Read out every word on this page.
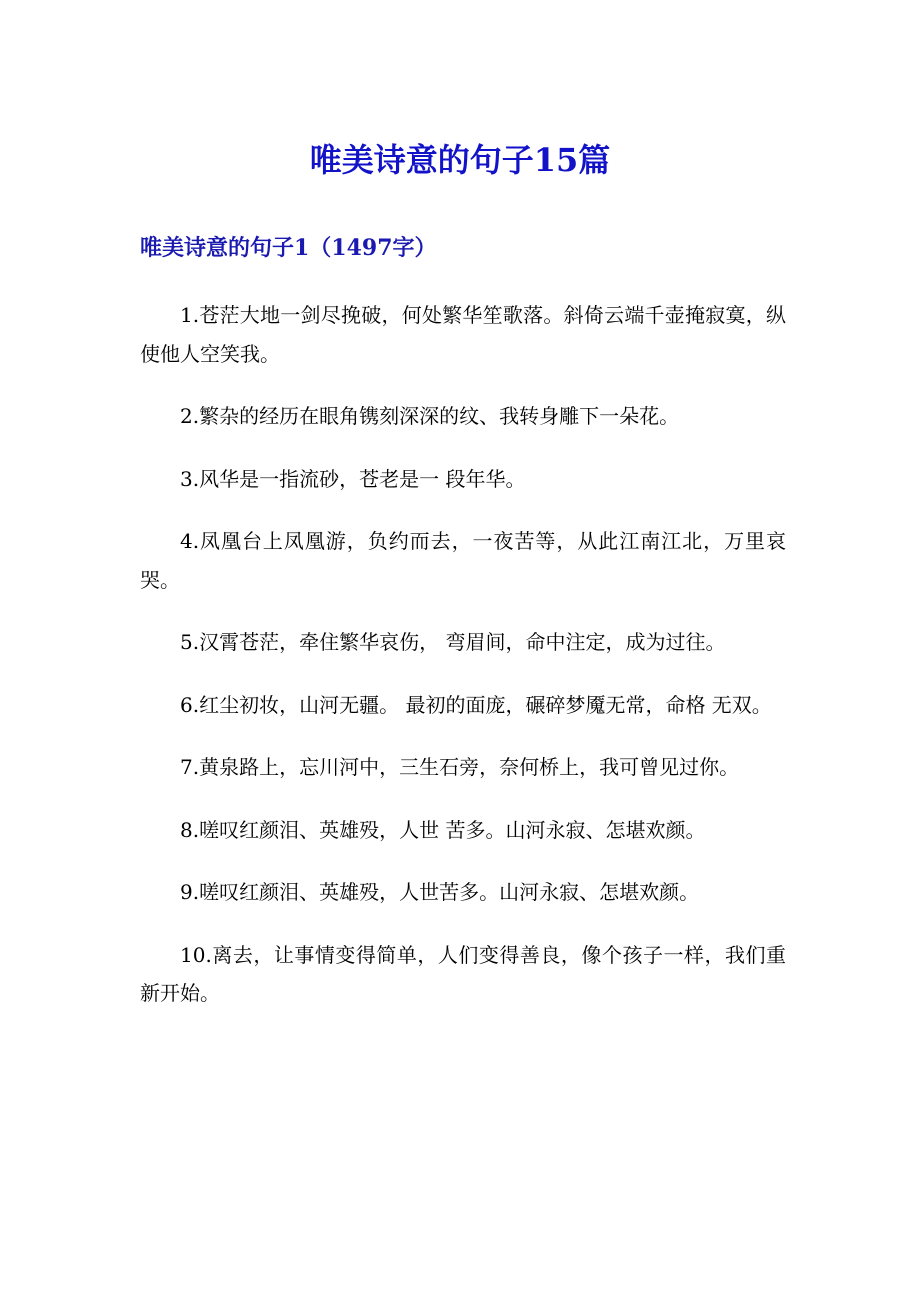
唯美诗意的句子15篇
唯美诗意的句子1（1497字）

1.苍茫大地一剑尽挽破，何处繁华笙歌落。斜倚云端千壶掩寂寞，纵使他人空笑我。

2.繁杂的经历在眼角镌刻深深的纹、我转身雕下一朵花。

3.风华是一指流砂，苍老是一 段年华。

4.凤凰台上凤凰游，负约而去，一夜苦等，从此江南江北，万里哀哭。

5.汉霄苍茫，牵住繁华哀伤， 弯眉间，命中注定，成为过往。

6.红尘初妆，山河无疆。 最初的面庞，碾碎梦魇无常，命格 无双。

7.黄泉路上，忘川河中，三生石旁，奈何桥上，我可曾见过你。

8.嗟叹红颜泪、英雄殁，人世 苦多。山河永寂、怎堪欢颜。

9.嗟叹红颜泪、英雄殁，人世苦多。山河永寂、怎堪欢颜。

10.离去，让事情变得简单，人们变得善良，像个孩子一样，我们重新开始。
